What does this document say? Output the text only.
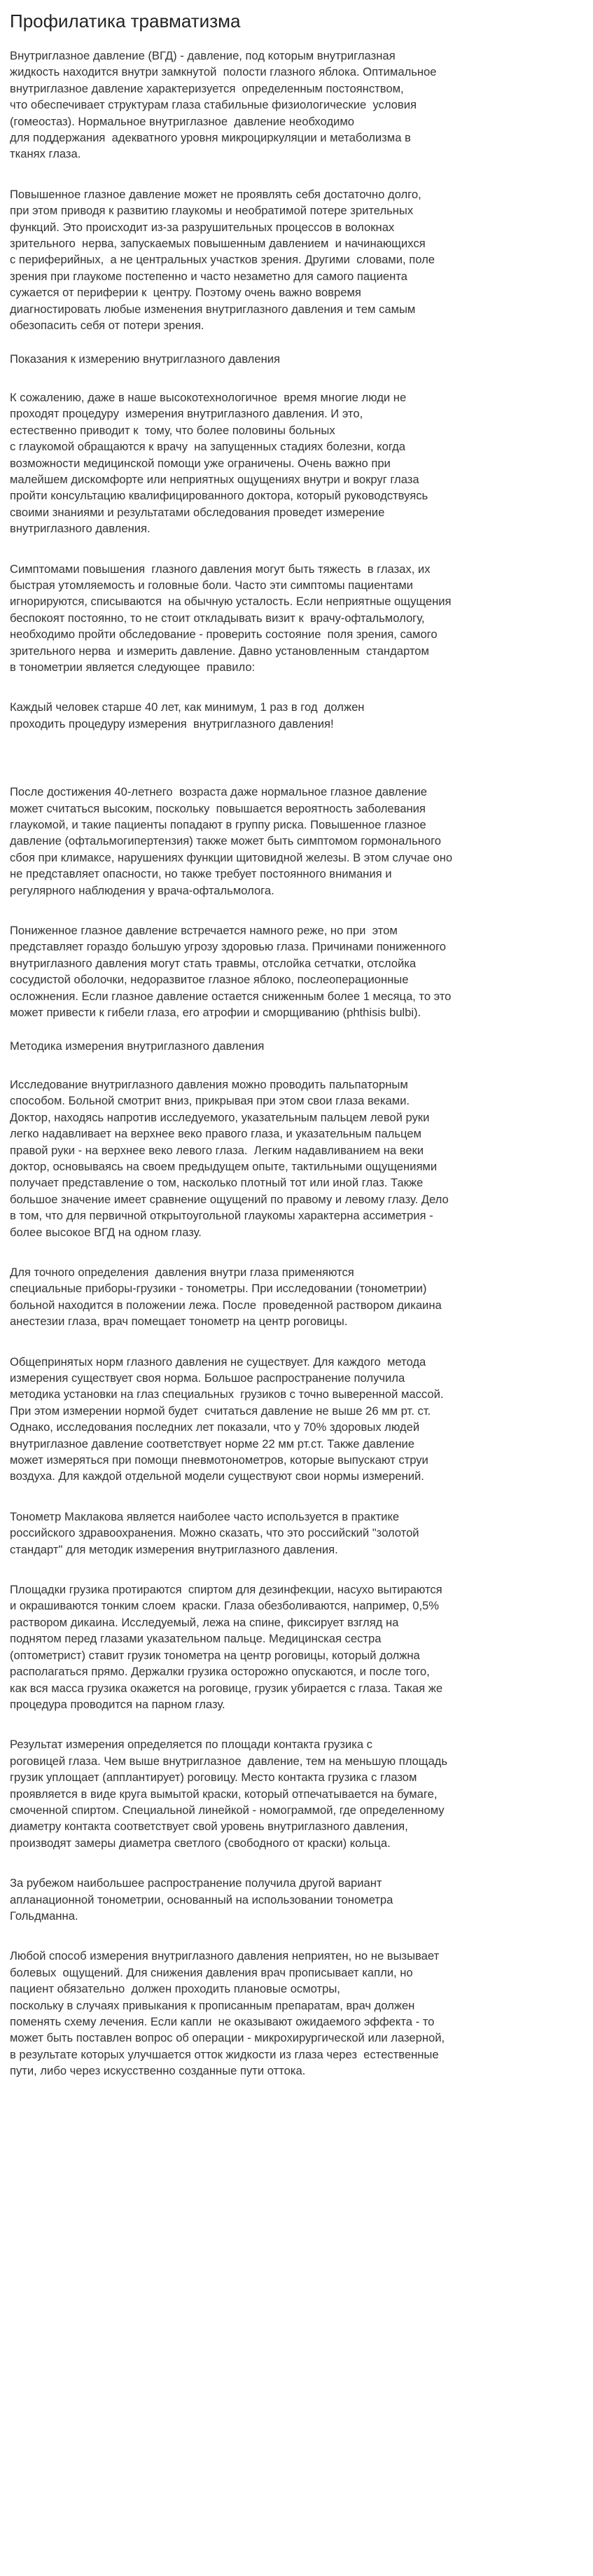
Профилатика травматизма
Внутриглазное давление (ВГД) - давление, под которым внутриглазная
жидкость находится внутри замкнутой  полости глазного яблока. Оптимальное
внутриглазное давление характеризуется  определенным постоянством,
что обеспечивает структурам глаза стабильные физиологические  условия
(гомеостаз). Нормальное внутриглазное  давление необходимо
для поддержания  адекватного уровня микроциркуляции и метаболизма в
тканях глаза.
Повышенное глазное давление может не проявлять себя достаточно долго,
при этом приводя к развитию глаукомы и необратимой потере зрительных
функций. Это происходит из-за разрушительных процессов в волокнах
зрительного  нерва, запускаемых повышенным давлением  и начинающихся
с периферийных,  а не центральных участков зрения. Другими  словами, поле
зрения при глаукоме постепенно и часто незаметно для самого пациента
сужается от периферии к  центру. Поэтому очень важно вовремя
диагностировать любые изменения внутриглазного давления и тем самым
обезопасить себя от потери зрения.
Показания к измерению внутриглазного давления
К сожалению, даже в наше высокотехнологичное  время многие люди не
проходят процедуру  измерения внутриглазного давления. И это,
естественно приводит к  тому, что более половины больных
с глаукомой обращаются к врачу  на запущенных стадиях болезни, когда
возможности медицинской помощи уже ограничены. Очень важно при
малейшем дискомфорте или неприятных ощущениях внутри и вокруг глаза
пройти консультацию квалифицированного доктора, который руководствуясь
своими знаниями и результатами обследования проведет измерение
внутриглазного давления.
Симптомами повышения  глазного давления могут быть тяжесть  в глазах, их
быстрая утомляемость и головные боли. Часто эти симптомы пациентами
игнорируются, списываются  на обычную усталость. Если неприятные ощущения
беспокоят постоянно, то не стоит откладывать визит к  врачу-офтальмологу,
необходимо пройти обследование - проверить состояние  поля зрения, самого
зрительного нерва  и измерить давление. Давно установленным  стандартом
в тонометрии является следующее  правило:
Каждый человек старше 40 лет, как минимум, 1 раз в год  должен
проходить процедуру измерения  внутриглазного давления!
После достижения 40-летнего  возраста даже нормальное глазное давление
может считаться высоким, поскольку  повышается вероятность заболевания
глаукомой, и такие пациенты попадают в группу риска. Повышенное глазное
давление (офтальмогипертензия) также может быть симптомом гормонального
сбоя при климаксе, нарушениях функции щитовидной железы. В этом случае оно
не представляет опасности, но также требует постоянного внимания и
регулярного наблюдения у врача-офтальмолога.
Пониженное глазное давление встречается намного реже, но при  этом
представляет гораздо большую угрозу здоровью глаза. Причинами пониженного
внутриглазного давления могут стать травмы, отслойка сетчатки, отслойка
сосудистой оболочки, недоразвитое глазное яблоко, послеоперационные
осложнения. Если глазное давление остается сниженным более 1 месяца, то это
может привести к гибели глаза, его атрофии и сморщиванию (phthisis bulbi).
Методика измерения внутриглазного давления
Исследование внутриглазного давления можно проводить пальпаторным
способом. Больной смотрит вниз, прикрывая при этом свои глаза веками.
Доктор, находясь напротив исследуемого, указательным пальцем левой руки
легко надавливает на верхнее веко правого глаза, и указательным пальцем
правой руки - на верхнее веко левого глаза.  Легким надавливанием на веки
доктор, основываясь на своем предыдущем опыте, тактильными ощущениями
получает представление о том, насколько плотный тот или иной глаз. Также
большое значение имеет сравнение ощущений по правому и левому глазу. Дело
в том, что для первичной открытоугольной глаукомы характерна ассиметрия -
более высокое ВГД на одном глазу.
Для точного определения  давления внутри глаза применяются
специальные приборы-грузики - тонометры. При исследовании (тонометрии)
больной находится в положении лежа. После  проведенной раствором дикаина
анестезии глаза, врач помещает тонометр на центр роговицы.
Общепринятых норм глазного давления не существует. Для каждого  метода
измерения существует своя норма. Большое распространение получила
методика установки на глаз специальных  грузиков с точно выверенной массой.
При этом измерении нормой будет  считаться давление не выше 26 мм рт. ст.
Однако, исследования последних лет показали, что у 70% здоровых людей
внутриглазное давление соответствует норме 22 мм рт.ст. Также давление
может измеряться при помощи пневмотонометров, которые выпускают струи
воздуха. Для каждой отдельной модели существуют свои нормы измерений.
Тонометр Маклакова является наиболее часто используется в практике
российского здравоохранения. Можно сказать, что это российский "золотой
стандарт" для методик измерения внутриглазного давления.
Площадки грузика протираются  спиртом для дезинфекции, насухо вытираются
и окрашиваются тонким слоем  краски. Глаза обезболиваются, например, 0,5%
раствором дикаина. Исследуемый, лежа на спине, фиксирует взгляд на
поднятом перед глазами указательном пальце. Медицинская сестра
(оптометрист) ставит грузик тонометра на центр роговицы, который должна
располагаться прямо. Держалки грузика осторожно опускаются, и после того,
как вся масса грузика окажется на роговице, грузик убирается с глаза. Такая же
процедура проводится на парном глазу.
Результат измерения определяется по площади контакта грузика с
роговицей глаза. Чем выше внутриглазное  давление, тем на меньшую площадь
грузик уплощает (апплантирует) роговицу. Место контакта грузика с глазом
проявляется в виде круга вымытой краски, который отпечатывается на бумаге,
смоченной спиртом. Специальной линейкой - номограммой, где определенному
диаметру контакта соответствует свой уровень внутриглазного давления,
производят замеры диаметра светлого (свободного от краски) кольца.
За рубежом наибольшее распространение получила другой вариант
апланационной тонометрии, основанный на использовании тонометра
Гольдманна.
Любой способ измерения внутриглазного давления неприятен, но не вызывает
болевых  ощущений. Для снижения давления врач прописывает капли, но
пациент обязательно  должен проходить плановые осмотры,
поскольку в случаях привыкания к прописанным препаратам, врач должен
поменять схему лечения. Если капли  не оказывают ожидаемого эффекта - то
может быть поставлен вопрос об операции - микрохирургической или лазерной,
в результате которых улучшается отток жидкости из глаза через  естественные
пути, либо через искусственно созданные пути оттока.
